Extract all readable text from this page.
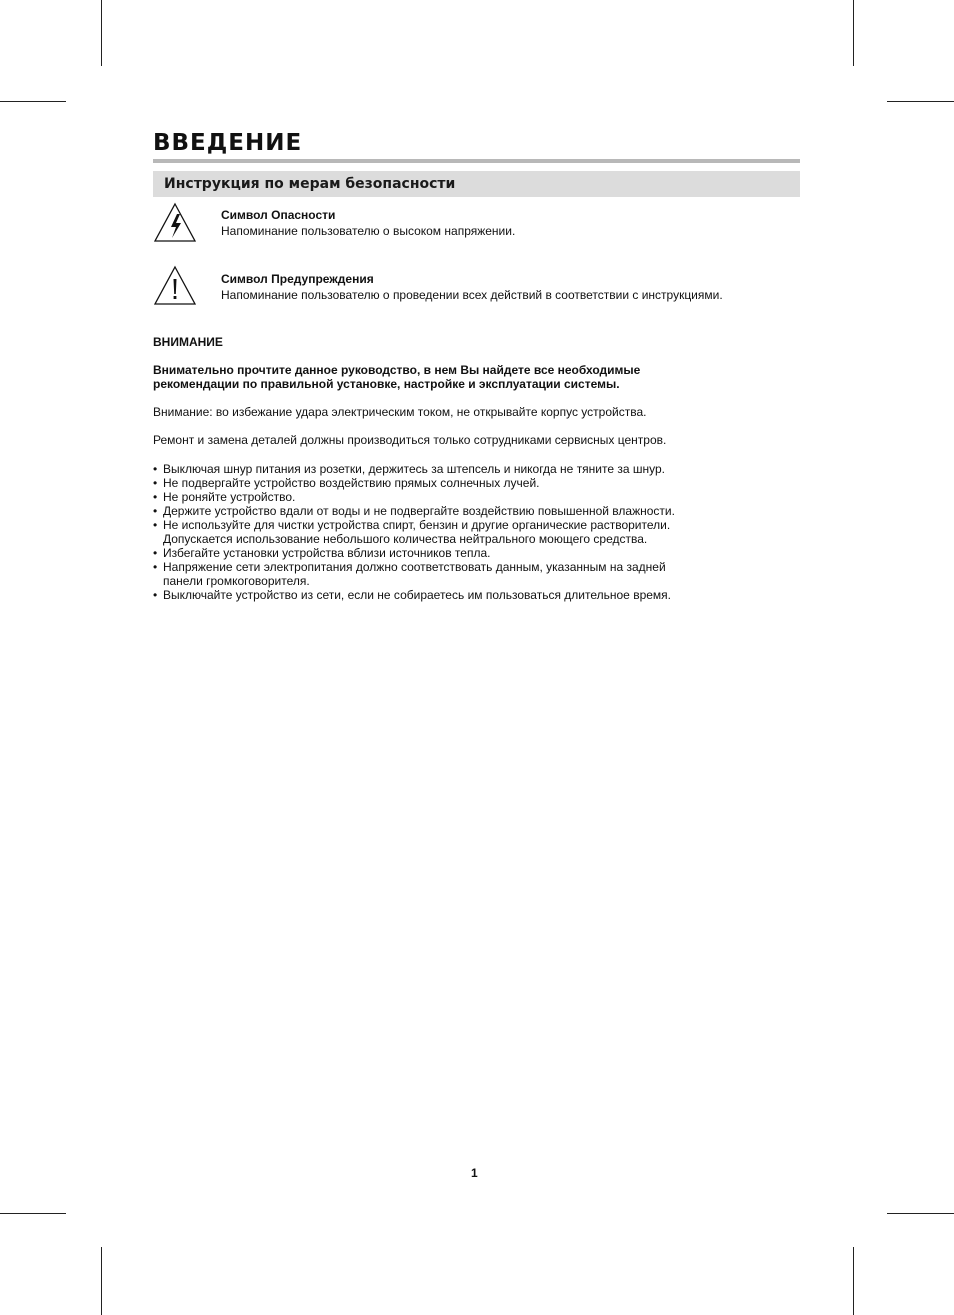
ВВЕДЕНИЕ
Инструкция по мерам безопасности
Символ Опасности
Напоминание пользователю о высоком напряжении.
Символ Предупреждения
Напоминание пользователю о проведении всех действий в соответствии с инструкциями.
ВНИМАНИЕ
Внимательно прочтите данное руководство, в нем Вы найдете все необходимые
рекомендации по правильной установке, настройке и эксплуатации системы.
Внимание: во избежание удара электрическим током, не открывайте корпус устройства.
Ремонт и замена деталей должны производиться только сотрудниками сервисных центров.
• Выключая шнур питания из розетки, держитесь за штепсель и никогда не тяните за шнур.
• Не подвергайте устройство воздействию прямых солнечных лучей.
• Не роняйте устройство.
• Держите устройство вдали от воды и не подвергайте воздействию повышенной влажности.
• Не используйте для чистки устройства спирт, бензин и другие органические растворители.
Допускается использование небольшого количества нейтрального моющего средства.
• Избегайте установки устройства вблизи источников тепла.
• Напряжение сети электропитания должно соответствовать данным, указанным на задней
панели громкоговорителя.
• Выключайте устройство из сети, если не собираетесь им пользоваться длительное время.
1
